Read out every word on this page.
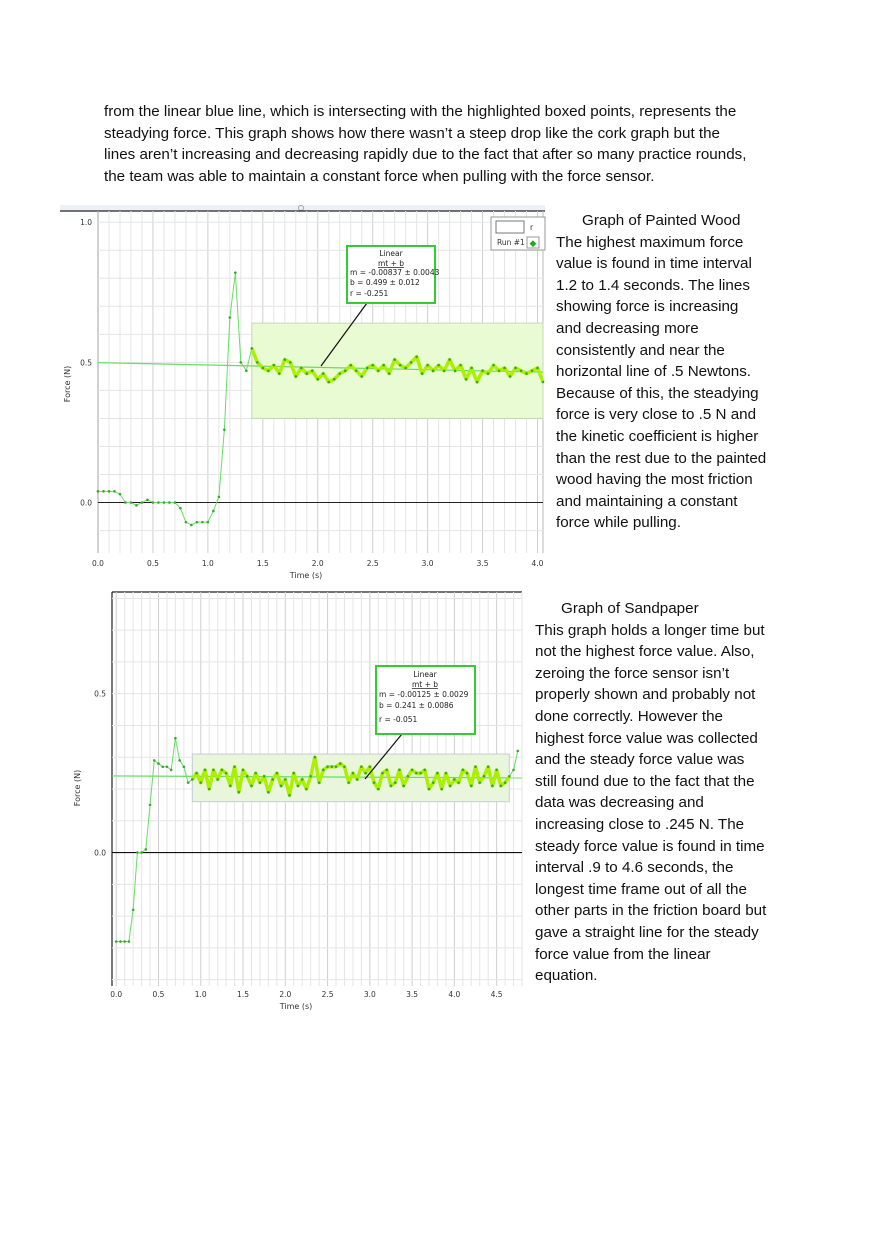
from the linear blue line, which is intersecting with the highlighted boxed points, represents the
steadying force. This graph shows how there wasn’t a steep drop like the cork graph but the
lines aren’t increasing and decreasing rapidly due to the fact that after so many practice rounds,
the team was able to maintain a constant force when pulling with the force sensor.
0.0	0.5	1.0	1.5	2.0	2.5	3.0	3.5	4.0
0.0
0.5
1.0
Time (s)
Force (N)
Linear
mt + b
m = -0.00837 ± 0.0043
b = 0.499 ± 0.012
r = -0.251
r
Run #1 ◆
Graph of Painted Wood
The highest maximum force
value is found in time interval
1.2 to 1.4 seconds. The lines
showing force is increasing
and decreasing more
consistently and near the
horizontal line of .5 Newtons.
Because of this, the steadying
force is very close to .5 N and
the kinetic coefficient is higher
than the rest due to the painted
wood having the most friction
and maintaining a constant
force while pulling.
0.0	0.5	1.0	1.5	2.0	2.5	3.0	3.5	4.0	4.5
0.0
0.5
Time (s)
Force (N)
Linear
mt + b
m = -0.00125 ± 0.0029
b = 0.241 ± 0.0086
r = -0.051
Graph of Sandpaper
This graph holds a longer time but
not the highest force value. Also,
zeroing the force sensor isn’t
properly shown and probably not
done correctly. However the
highest force value was collected
and the steady force value was
still found due to the fact that the
data was decreasing and
increasing close to .245 N. The
steady force value is found in time
interval .9 to 4.6 seconds, the
longest time frame out of all the
other parts in the friction board but
gave a straight line for the steady
force value from the linear
equation.
